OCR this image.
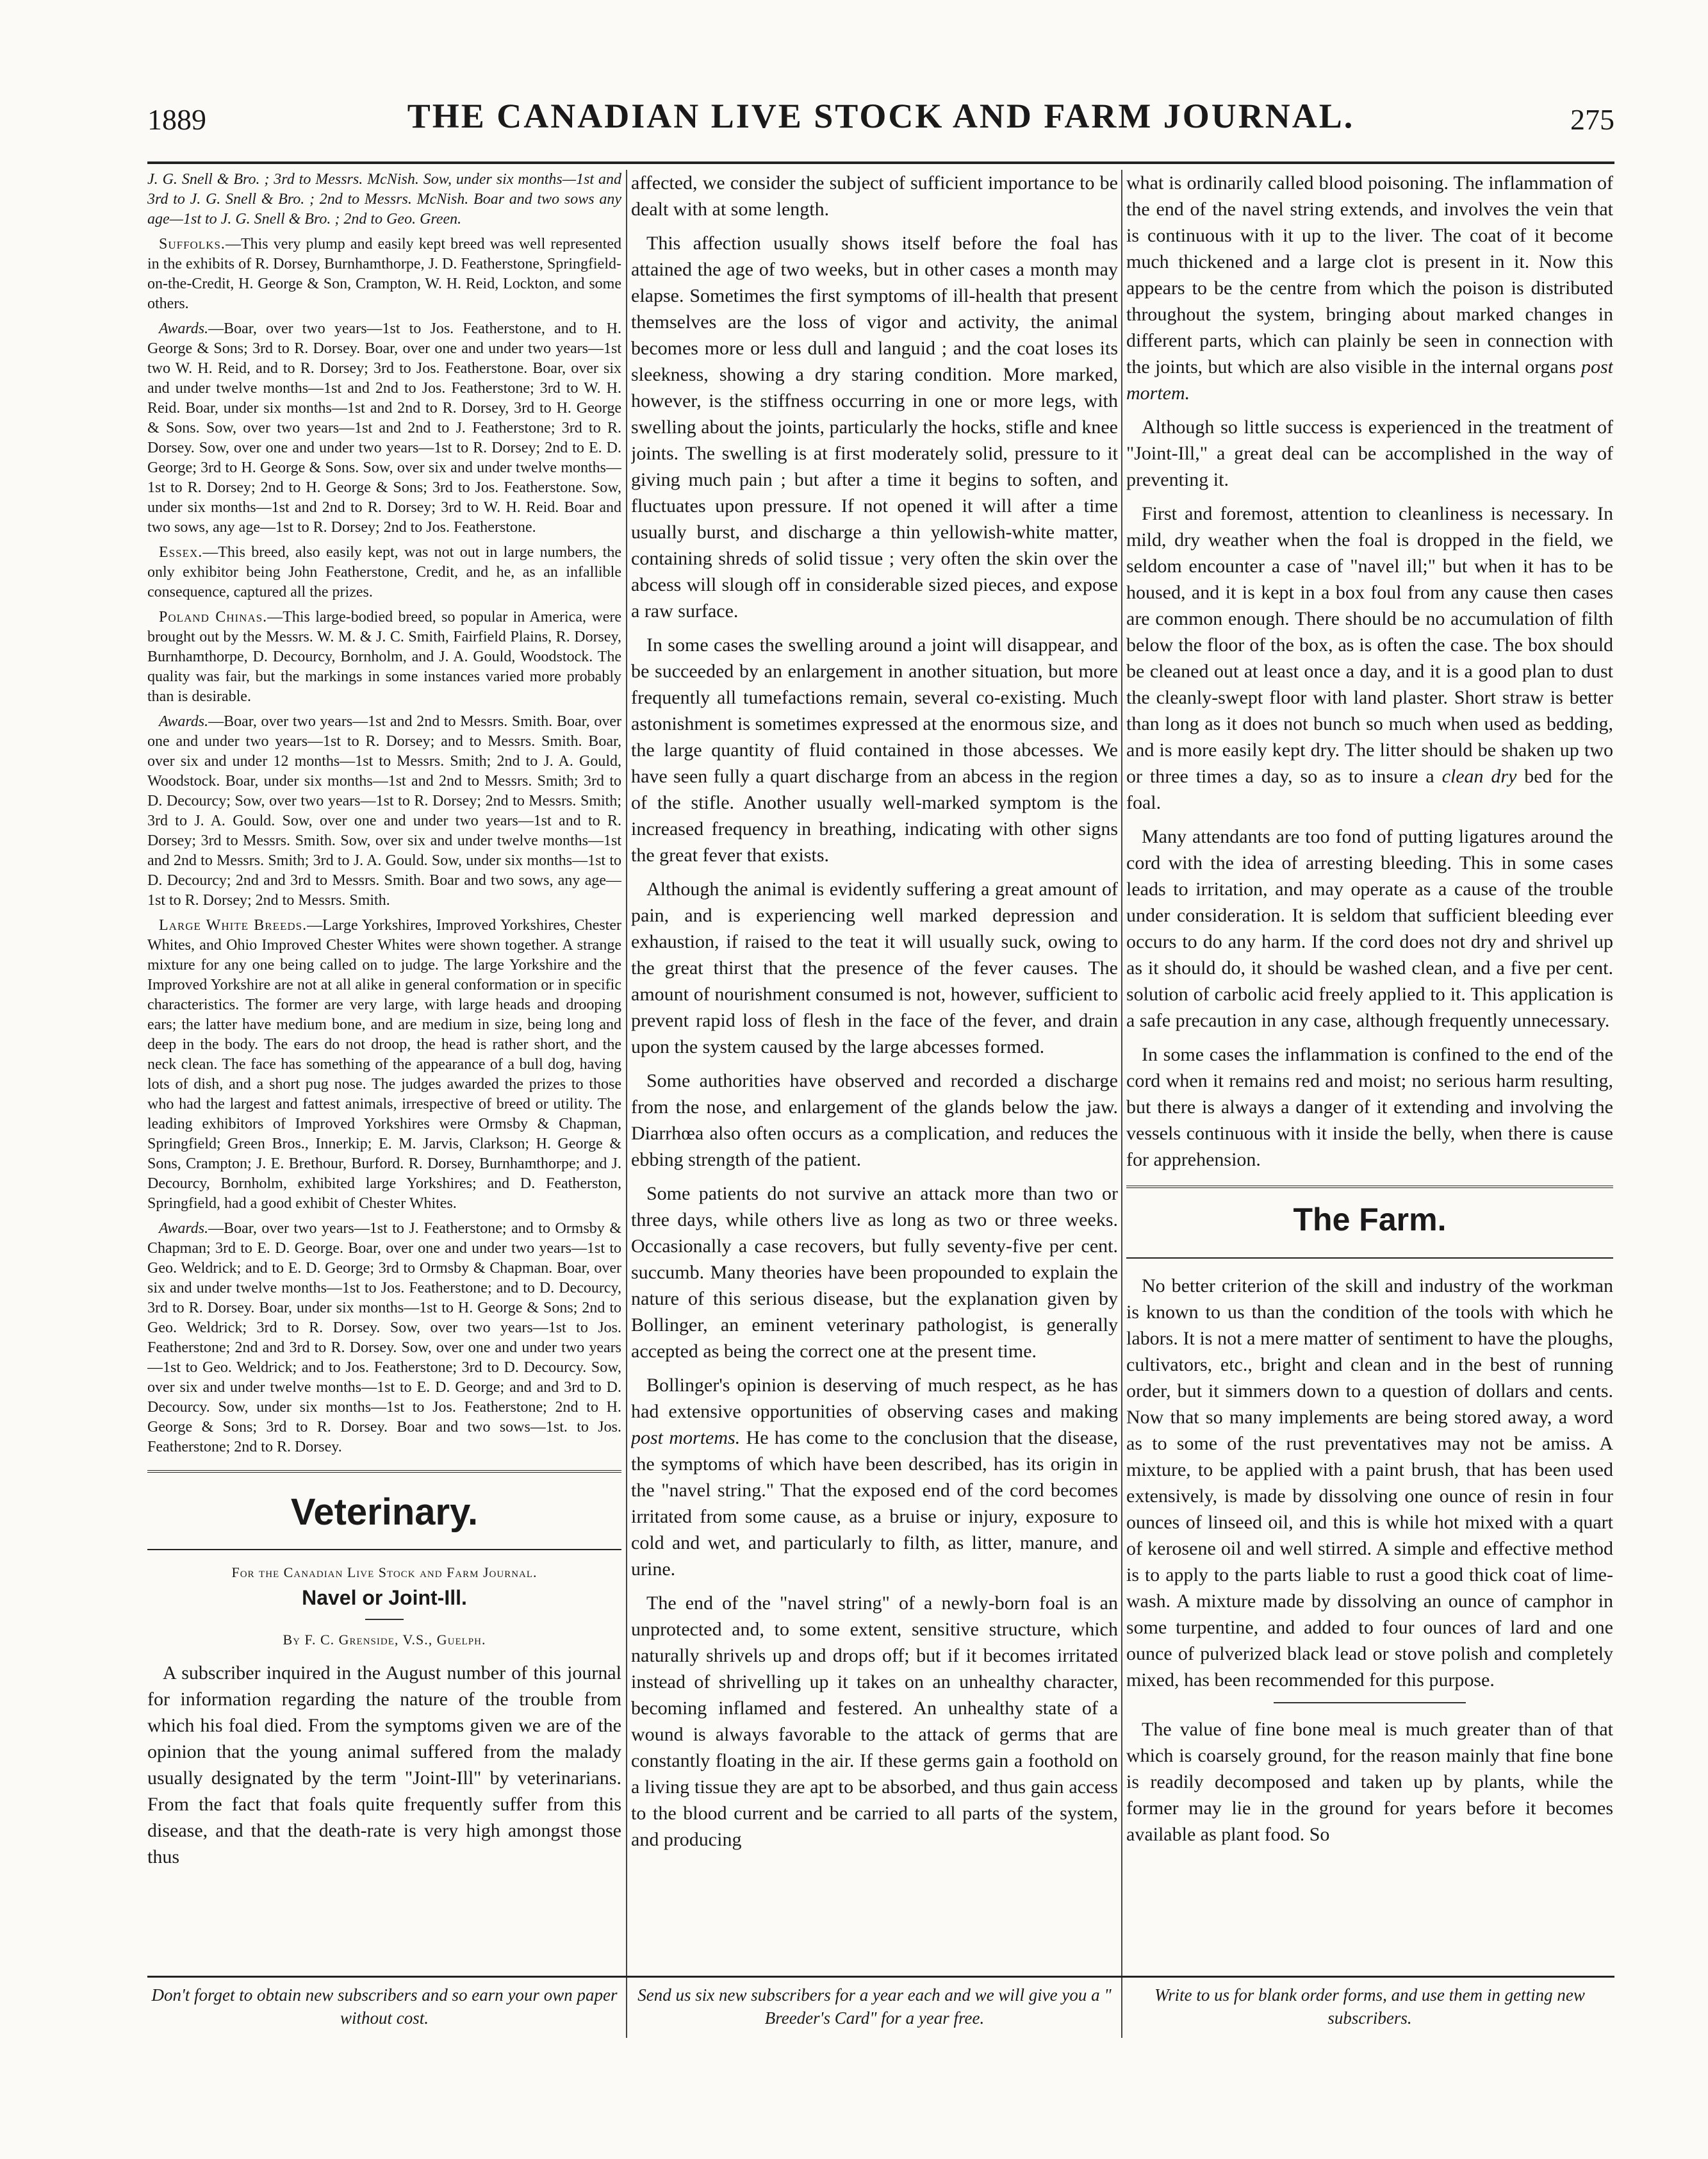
1889	THE CANADIAN LIVE STOCK AND FARM JOURNAL.	275

J. G. Snell & Bro. ; 3rd to Messrs. McNish. Sow, under six months—1st and 3rd to J. G. Snell & Bro. ; 2nd to Messrs. McNish. Boar and two sows any age—1st to J. G. Snell & Bro. ; 2nd to Geo. Green.

Suffolks.—This very plump and easily kept breed was well represented in the exhibits of R. Dorsey, Burnhamthorpe, J. D. Featherstone, Springfield-on-the-Credit, H. George & Son, Crampton, W. H. Reid, Lockton, and some others.

Awards.—Boar, over two years—1st to Jos. Featherstone, and to H. George & Sons; 3rd to R. Dorsey. Boar, over one and under two years—1st two W. H. Reid, and to R. Dorsey; 3rd to Jos. Featherstone. Boar, over six and under twelve months—1st and 2nd to Jos. Featherstone; 3rd to W. H. Reid. Boar, under six months—1st and 2nd to R. Dorsey, 3rd to H. George & Sons. Sow, over two years—1st and 2nd to J. Featherstone; 3rd to R. Dorsey. Sow, over one and under two years—1st to R. Dorsey; 2nd to E. D. George; 3rd to H. George & Sons. Sow, over six and under twelve months—1st to R. Dorsey; 2nd to H. George & Sons; 3rd to Jos. Featherstone. Sow, under six months—1st and 2nd to R. Dorsey; 3rd to W. H. Reid. Boar and two sows, any age—1st to R. Dorsey; 2nd to Jos. Featherstone.

Essex.—This breed, also easily kept, was not out in large numbers, the only exhibitor being John Featherstone, Credit, and he, as an infallible consequence, captured all the prizes.

Poland Chinas.—This large-bodied breed, so popular in America, were brought out by the Messrs. W. M. & J. C. Smith, Fairfield Plains, R. Dorsey, Burnhamthorpe, D. Decourcy, Bornholm, and J. A. Gould, Woodstock. The quality was fair, but the markings in some instances varied more probably than is desirable.

Awards.—Boar, over two years—1st and 2nd to Messrs. Smith. Boar, over one and under two years—1st to R. Dorsey; and to Messrs. Smith. Boar, over six and under 12 months—1st to Messrs. Smith; 2nd to J. A. Gould, Woodstock. Boar, under six months—1st and 2nd to Messrs. Smith; 3rd to D. Decourcy; Sow, over two years—1st to R. Dorsey; 2nd to Messrs. Smith; 3rd to J. A. Gould. Sow, over one and under two years—1st and to R. Dorsey; 3rd to Messrs. Smith. Sow, over six and under twelve months—1st and 2nd to Messrs. Smith; 3rd to J. A. Gould. Sow, under six months—1st to D. Decourcy; 2nd and 3rd to Messrs. Smith. Boar and two sows, any age—1st to R. Dorsey; 2nd to Messrs. Smith.

Large White Breeds.—Large Yorkshires, Improved Yorkshires, Chester Whites, and Ohio Improved Chester Whites were shown together. A strange mixture for any one being called on to judge. The large Yorkshire and the Improved Yorkshire are not at all alike in general conformation or in specific characteristics. The former are very large, with large heads and drooping ears; the latter have medium bone, and are medium in size, being long and deep in the body. The ears do not droop, the head is rather short, and the neck clean. The face has something of the appearance of a bull dog, having lots of dish, and a short pug nose. The judges awarded the prizes to those who had the largest and fattest animals, irrespective of breed or utility. The leading exhibitors of Improved Yorkshires were Ormsby & Chapman, Springfield; Green Bros., Innerkip; E. M. Jarvis, Clarkson; H. George & Sons, Crampton; J. E. Brethour, Burford. R. Dorsey, Burnhamthorpe; and J. Decourcy, Bornholm, exhibited large Yorkshires; and D. Featherston, Springfield, had a good exhibit of Chester Whites.

Awards.—Boar, over two years—1st to J. Featherstone; and to Ormsby & Chapman; 3rd to E. D. George. Boar, over one and under two years—1st to Geo. Weldrick; and to E. D. George; 3rd to Ormsby & Chapman. Boar, over six and under twelve months—1st to Jos. Featherstone; and to D. Decourcy, 3rd to R. Dorsey. Boar, under six months—1st to H. George & Sons; 2nd to Geo. Weldrick; 3rd to R. Dorsey. Sow, over two years—1st to Jos. Featherstone; 2nd and 3rd to R. Dorsey. Sow, over one and under two years—1st to Geo. Weldrick; and to Jos. Featherstone; 3rd to D. Decourcy. Sow, over six and under twelve months—1st to E. D. George; and and 3rd to D. Decourcy. Sow, under six months—1st to Jos. Featherstone; 2nd to H. George & Sons; 3rd to R. Dorsey. Boar and two sows—1st. to Jos. Featherstone; 2nd to R. Dorsey.

Veterinary.
For the Canadian Live Stock and Farm Journal.
Navel or Joint-Ill.
By F. C. Grenside, V.S., Guelph.

A subscriber inquired in the August number of this journal for information regarding the nature of the trouble from which his foal died. From the symptoms given we are of the opinion that the young animal suffered from the malady usually designated by the term "Joint-Ill" by veterinarians. From the fact that foals quite frequently suffer from this disease, and that the death-rate is very high amongst those thus

affected, we consider the subject of sufficient importance to be dealt with at some length.

This affection usually shows itself before the foal has attained the age of two weeks, but in other cases a month may elapse. Sometimes the first symptoms of ill-health that present themselves are the loss of vigor and activity, the animal becomes more or less dull and languid ; and the coat loses its sleekness, showing a dry staring condition. More marked, however, is the stiffness occurring in one or more legs, with swelling about the joints, particularly the hocks, stifle and knee joints. The swelling is at first moderately solid, pressure to it giving much pain ; but after a time it begins to soften, and fluctuates upon pressure. If not opened it will after a time usually burst, and discharge a thin yellowish-white matter, containing shreds of solid tissue ; very often the skin over the abcess will slough off in considerable sized pieces, and expose a raw surface.

In some cases the swelling around a joint will disappear, and be succeeded by an enlargement in another situation, but more frequently all tumefactions remain, several co-existing. Much astonishment is sometimes expressed at the enormous size, and the large quantity of fluid contained in those abcesses. We have seen fully a quart discharge from an abcess in the region of the stifle. Another usually well-marked symptom is the increased frequency in breathing, indicating with other signs the great fever that exists.

Although the animal is evidently suffering a great amount of pain, and is experiencing well marked depression and exhaustion, if raised to the teat it will usually suck, owing to the great thirst that the presence of the fever causes. The amount of nourishment consumed is not, however, sufficient to prevent rapid loss of flesh in the face of the fever, and drain upon the system caused by the large abcesses formed.

Some authorities have observed and recorded a discharge from the nose, and enlargement of the glands below the jaw. Diarrhœa also often occurs as a complication, and reduces the ebbing strength of the patient.

Some patients do not survive an attack more than two or three days, while others live as long as two or three weeks. Occasionally a case recovers, but fully seventy-five per cent. succumb. Many theories have been propounded to explain the nature of this serious disease, but the explanation given by Bollinger, an eminent veterinary pathologist, is generally accepted as being the correct one at the present time.

Bollinger's opinion is deserving of much respect, as he has had extensive opportunities of observing cases and making post mortems. He has come to the conclusion that the disease, the symptoms of which have been described, has its origin in the "navel string." That the exposed end of the cord becomes irritated from some cause, as a bruise or injury, exposure to cold and wet, and particularly to filth, as litter, manure, and urine.

The end of the "navel string" of a newly-born foal is an unprotected and, to some extent, sensitive structure, which naturally shrivels up and drops off; but if it becomes irritated instead of shrivelling up it takes on an unhealthy character, becoming inflamed and festered. An unhealthy state of a wound is always favorable to the attack of germs that are constantly floating in the air. If these germs gain a foothold on a living tissue they are apt to be absorbed, and thus gain access to the blood current and be carried to all parts of the system, and producing

what is ordinarily called blood poisoning. The inflammation of the end of the navel string extends, and involves the vein that is continuous with it up to the liver. The coat of it become much thickened and a large clot is present in it. Now this appears to be the centre from which the poison is distributed throughout the system, bringing about marked changes in different parts, which can plainly be seen in connection with the joints, but which are also visible in the internal organs post mortem.

Although so little success is experienced in the treatment of "Joint-Ill," a great deal can be accomplished in the way of preventing it.

First and foremost, attention to cleanliness is necessary. In mild, dry weather when the foal is dropped in the field, we seldom encounter a case of "navel ill;" but when it has to be housed, and it is kept in a box foul from any cause then cases are common enough. There should be no accumulation of filth below the floor of the box, as is often the case. The box should be cleaned out at least once a day, and it is a good plan to dust the cleanly-swept floor with land plaster. Short straw is better than long as it does not bunch so much when used as bedding, and is more easily kept dry. The litter should be shaken up two or three times a day, so as to insure a clean dry bed for the foal.

Many attendants are too fond of putting ligatures around the cord with the idea of arresting bleeding. This in some cases leads to irritation, and may operate as a cause of the trouble under consideration. It is seldom that sufficient bleeding ever occurs to do any harm. If the cord does not dry and shrivel up as it should do, it should be washed clean, and a five per cent. solution of carbolic acid freely applied to it. This application is a safe precaution in any case, although frequently unnecessary.

In some cases the inflammation is confined to the end of the cord when it remains red and moist; no serious harm resulting, but there is always a danger of it extending and involving the vessels continuous with it inside the belly, when there is cause for apprehension.

The Farm.

No better criterion of the skill and industry of the workman is known to us than the condition of the tools with which he labors. It is not a mere matter of sentiment to have the ploughs, cultivators, etc., bright and clean and in the best of running order, but it simmers down to a question of dollars and cents. Now that so many implements are being stored away, a word as to some of the rust preventatives may not be amiss. A mixture, to be applied with a paint brush, that has been used extensively, is made by dissolving one ounce of resin in four ounces of linseed oil, and this is while hot mixed with a quart of kerosene oil and well stirred. A simple and effective method is to apply to the parts liable to rust a good thick coat of lime-wash. A mixture made by dissolving an ounce of camphor in some turpentine, and added to four ounces of lard and one ounce of pulverized black lead or stove polish and completely mixed, has been recommended for this purpose.

The value of fine bone meal is much greater than of that which is coarsely ground, for the reason mainly that fine bone is readily decomposed and taken up by plants, while the former may lie in the ground for years before it becomes available as plant food. So

Don't forget to obtain new subscribers and so earn your own paper without cost.
Send us six new subscribers for a year each and we will give you a " Breeder's Card" for a year free.
Write to us for blank order forms, and use them in getting new subscribers.
